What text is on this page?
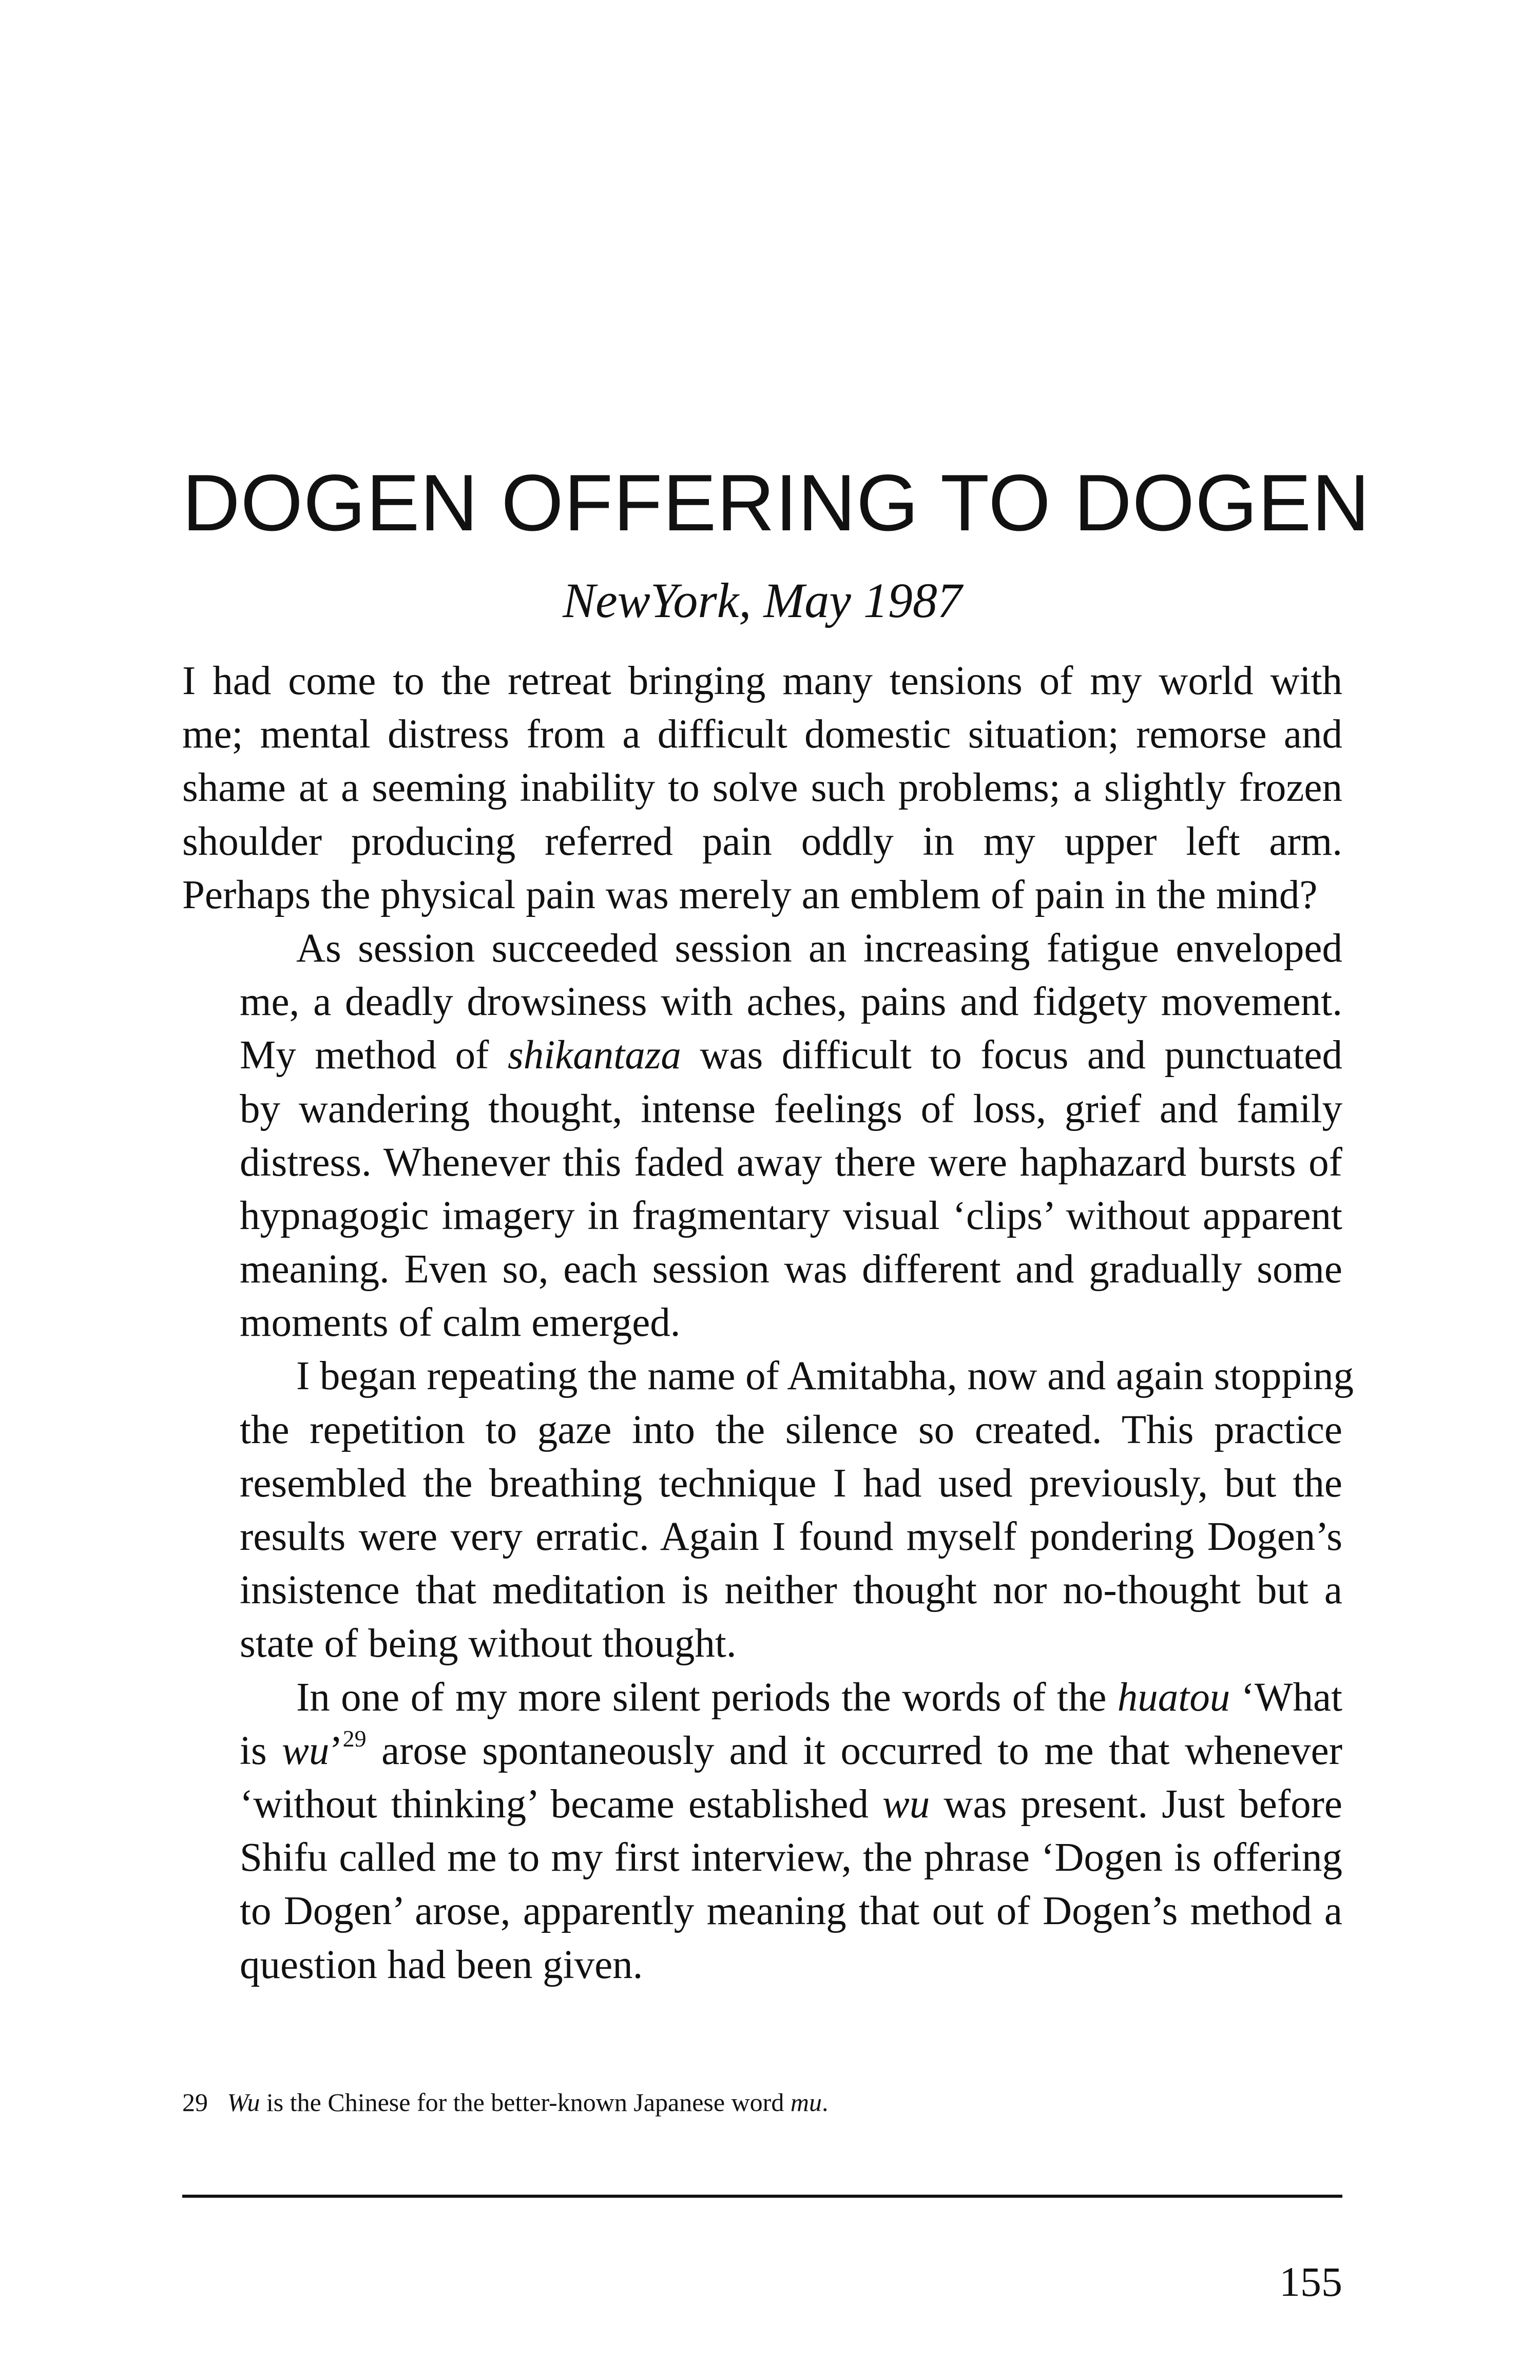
DOGEN OFFERING TO DOGEN
NewYork, May 1987

I had come to the retreat bringing many tensions of my world with
me; mental distress from a difficult domestic situation; remorse and
shame at a seeming inability to solve such problems; a slightly frozen
shoulder producing referred pain oddly in my upper left arm.
Perhaps the physical pain was merely an emblem of pain in the mind?

As session succeeded session an increasing fatigue enveloped
me, a deadly drowsiness with aches, pains and fidgety movement.
My method of shikantaza was difficult to focus and punctuated
by wandering thought, intense feelings of loss, grief and family
distress. Whenever this faded away there were haphazard bursts of
hypnagogic imagery in fragmentary visual ‘clips’ without apparent
meaning. Even so, each session was different and gradually some
moments of calm emerged.

I began repeating the name of Amitabha, now and again stopping
the repetition to gaze into the silence so created. This practice
resembled the breathing technique I had used previously, but the
results were very erratic. Again I found myself pondering Dogen’s
insistence that meditation is neither thought nor no-thought but a
state of being without thought.

In one of my more silent periods the words of the huatou ‘What
is wu’$^{29}$ arose spontaneously and it occurred to me that whenever
‘without thinking’ became established wu was present. Just before
Shifu called me to my first interview, the phrase ‘Dogen is offering
to Dogen’ arose, apparently meaning that out of Dogen’s method a
question had been given.

29 Wu is the Chinese for the better-known Japanese word mu.
155
